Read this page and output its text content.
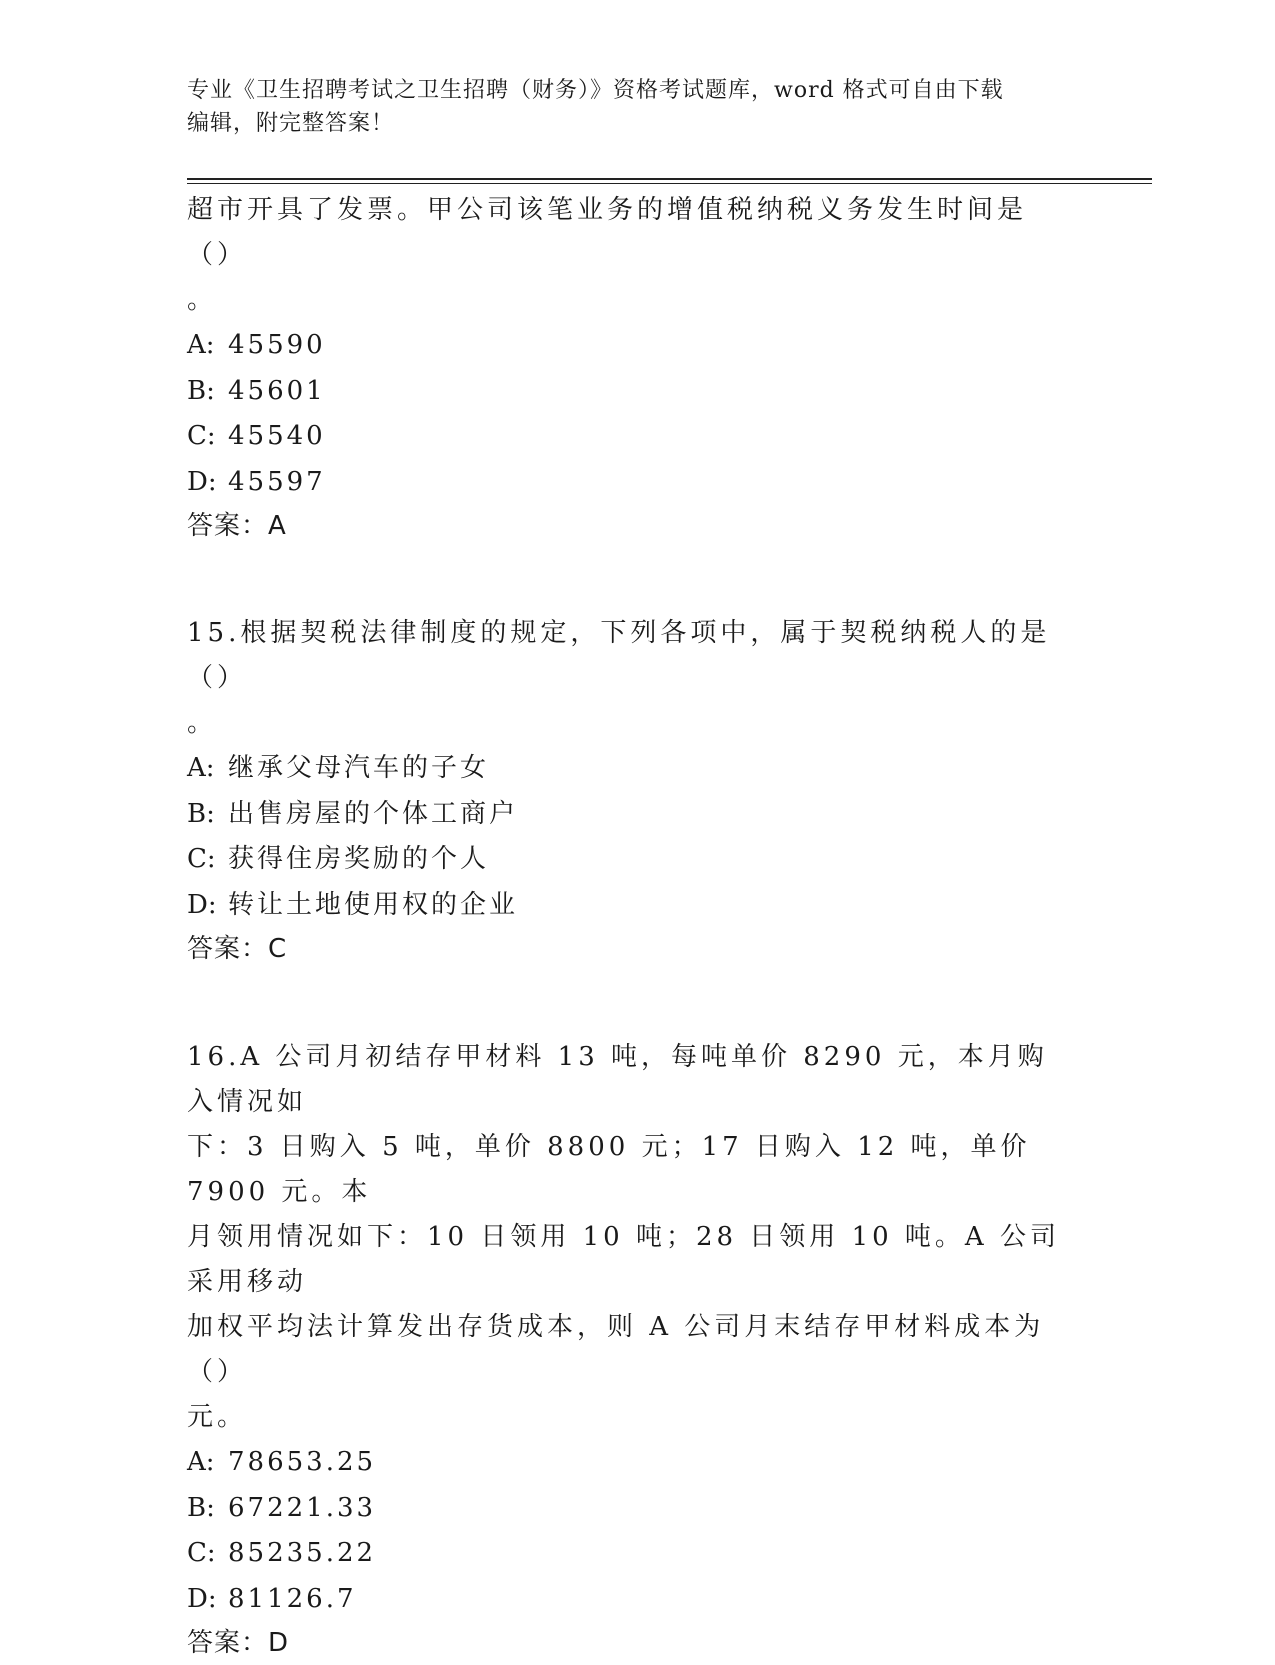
专业《卫生招聘考试之卫生招聘（财务）》资格考试题库，word 格式可自由下载
编辑，附完整答案！

超市开具了发票。甲公司该笔业务的增值税纳税义务发生时间是（）

。

A: 45590

B: 45601

C: 45540

D: 45597

答案：A

15.根据契税法律制度的规定，下列各项中，属于契税纳税人的是（）

。

A: 继承父母汽车的子女

B: 出售房屋的个体工商户

C: 获得住房奖励的个人

D: 转让土地使用权的企业

答案：C

16.A 公司月初结存甲材料 13 吨，每吨单价 8290 元，本月购入情况如

下：3 日购入 5 吨，单价 8800 元；17 日购入 12 吨，单价 7900 元。本

月领用情况如下：10 日领用 10 吨；28 日领用 10 吨。A 公司采用移动

加权平均法计算发出存货成本，则 A 公司月末结存甲材料成本为（）

元。

A: 78653.25

B: 67221.33

C: 85235.22

D: 81126.7

答案：D
